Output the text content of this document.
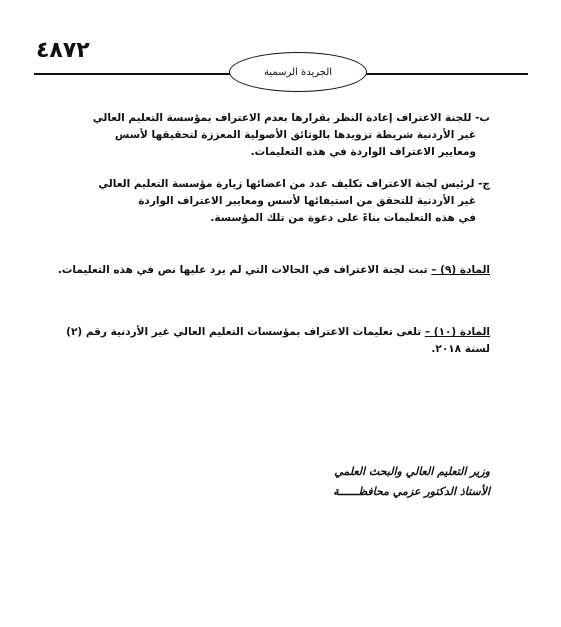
٤٨٧٢
الجريدة الرسمية
ب- للجنة الاعتراف إعادة النظر بقرارها بعدم الاعتراف بمؤسسة التعليم العالي
غير الأردنية شريطة تزويدها بالوثائق الأصولية المعززة لتحقيقها لأسس
ومعايير الاعتراف الواردة في هذه التعليمات.
ج- لرئيس لجنة الاعتراف تكليف عدد من اعضائها زيارة مؤسسة التعليم العالي
غير الأردنية للتحقق من استيفائها لأسس ومعايير الاعتراف الواردة
في هذه التعليمات بناءً على دعوة من تلك المؤسسة.
المادة (٩) – تبت لجنة الاعتراف في الحالات التي لم يرد عليها نص في هذه التعليمات.
المادة (١٠) – تلغى تعليمات الاعتراف بمؤسسات التعليم العالي غير الأردنية رقم (٢)
لسنة ٢٠١٨.
وزير التعليم العالي والبحث العلمي
الأستاذ الدكتور عزمي محافظــــــة
